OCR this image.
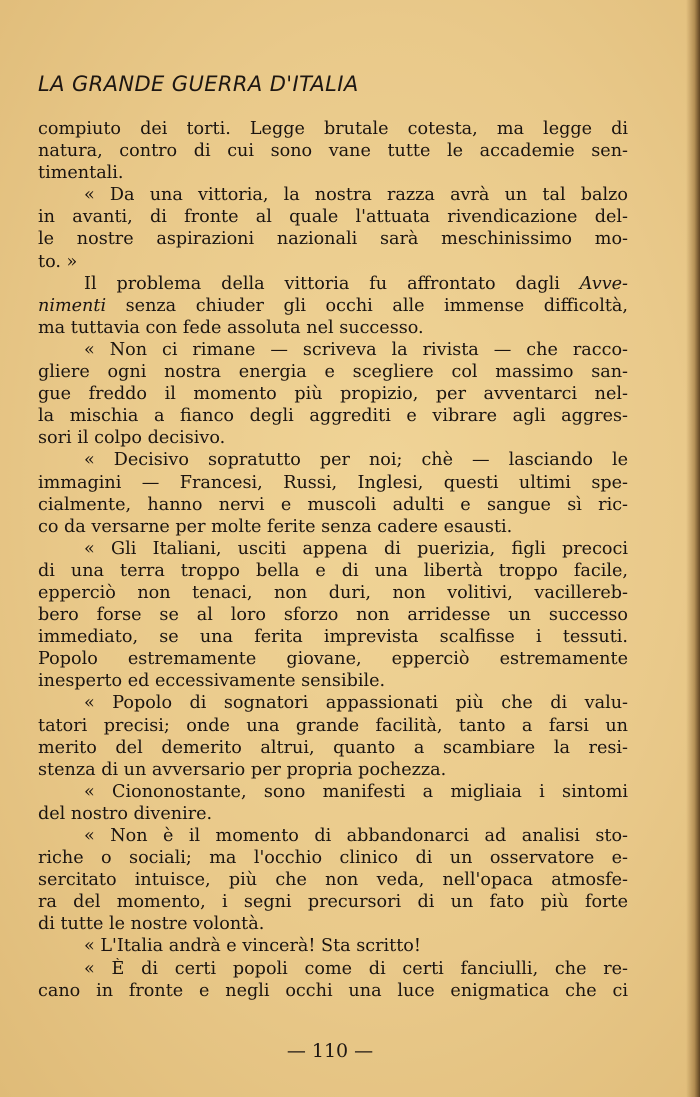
LA GRANDE GUERRA D'ITALIA
compiuto dei torti. Legge brutale cotesta, ma legge di
natura, contro di cui sono vane tutte le accademie sen-
timentali.
« Da una vittoria, la nostra razza avrà un tal balzo
in avanti, di fronte al quale l'attuata rivendicazione del-
le nostre aspirazioni nazionali sarà meschinissimo mo-
to. »
Il problema della vittoria fu affrontato dagli Avve-
nimenti senza chiuder gli occhi alle immense difficoltà,
ma tuttavia con fede assoluta nel successo.
« Non ci rimane — scriveva la rivista — che racco-
gliere ogni nostra energia e scegliere col massimo san-
gue freddo il momento più propizio, per avventarci nel-
la mischia a fianco degli aggrediti e vibrare agli aggres-
sori il colpo decisivo.
« Decisivo sopratutto per noi; chè — lasciando le
immagini — Francesi, Russi, Inglesi, questi ultimi spe-
cialmente, hanno nervi e muscoli adulti e sangue sì ric-
co da versarne per molte ferite senza cadere esausti.
« Gli Italiani, usciti appena di puerizia, figli precoci
di una terra troppo bella e di una libertà troppo facile,
epperciò non tenaci, non duri, non volitivi, vacillereb-
bero forse se al loro sforzo non arridesse un successo
immediato, se una ferita imprevista scalfisse i tessuti.
Popolo estremamente giovane, epperciò estremamente
inesperto ed eccessivamente sensibile.
« Popolo di sognatori appassionati più che di valu-
tatori precisi; onde una grande facilità, tanto a farsi un
merito del demerito altrui, quanto a scambiare la resi-
stenza di un avversario per propria pochezza.
« Ciononostante, sono manifesti a migliaia i sintomi
del nostro divenire.
« Non è il momento di abbandonarci ad analisi sto-
riche o sociali; ma l'occhio clinico di un osservatore e-
sercitato intuisce, più che non veda, nell'opaca atmosfe-
ra del momento, i segni precursori di un fato più forte
di tutte le nostre volontà.
« L'Italia andrà e vincerà! Sta scritto!
« È di certi popoli come di certi fanciulli, che re-
cano in fronte e negli occhi una luce enigmatica che ci
— 110 —
